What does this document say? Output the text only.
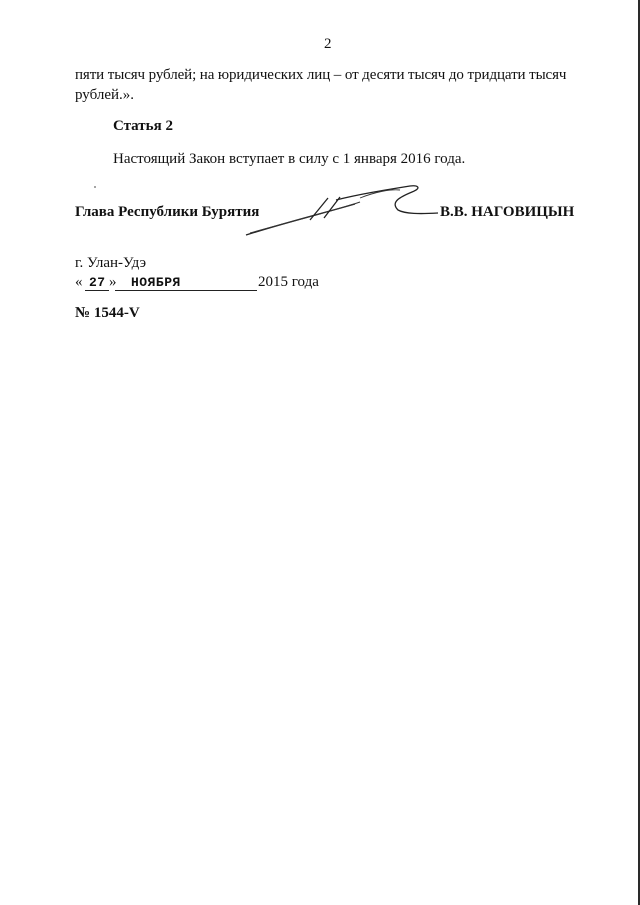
2
пяти тысяч рублей; на юридических лиц – от десяти тысяч до тридцати тысяч
рублей.».
Статья 2
Настоящий Закон вступает в силу с 1 января 2016 года.
Глава Республики Бурятия	В.В. НАГОВИЦЫН
г. Улан-Удэ
« 27 » НОЯБРЯ	2015 года
№ 1544-V
